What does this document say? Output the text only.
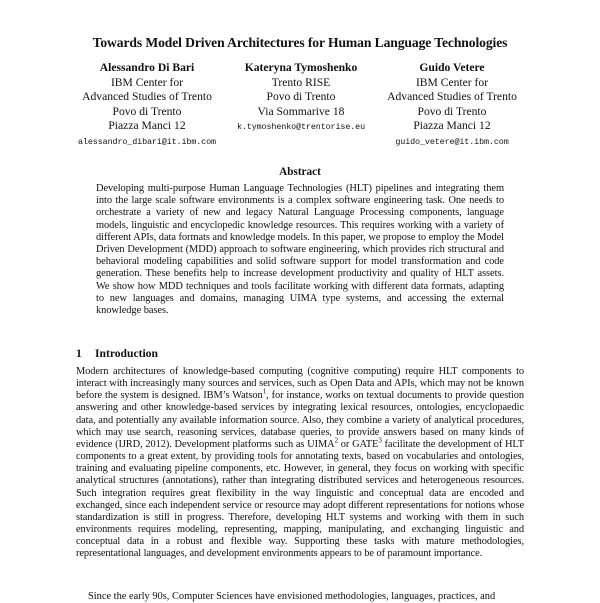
Towards Model Driven Architectures for Human Language Technologies
Alessandro Di Bari
IBM Center for
Advanced Studies of Trento
Povo di Trento
Piazza Manci 12
alessandro_dibari@it.ibm.com
Kateryna Tymoshenko
Trento RISE
Povo di Trento
Via Sommarive 18
k.tymoshenko@trentorise.eu
Guido Vetere
IBM Center for
Advanced Studies of Trento
Povo di Trento
Piazza Manci 12
guido_vetere@it.ibm.com
Abstract
Developing multi-purpose Human Language Technologies (HLT) pipelines and integrating them into the large scale software environments is a complex software engineering task. One needs to orchestrate a variety of new and legacy Natural Language Processing components, language models, linguistic and encyclopedic knowledge resources. This requires working with a variety of different APIs, data formats and knowledge models. In this paper, we propose to employ the Model Driven Development (MDD) approach to software engineering, which provides rich structural and behavioral modeling capabilities and solid software support for model transformation and code generation. These benefits help to increase development productivity and quality of HLT assets. We show how MDD techniques and tools facilitate working with different data formats, adapting to new languages and domains, managing UIMA type systems, and accessing the external knowledge bases.
1 Introduction
Modern architectures of knowledge-based computing (cognitive computing) require HLT components to interact with increasingly many sources and services, such as Open Data and APIs, which may not be known before the system is designed. IBM’s Watson$^1$, for instance, works on textual documents to provide question answering and other knowledge-based services by integrating lexical resources, ontologies, encyclopaedic data, and potentially any available information source. Also, they combine a variety of analytical procedures, which may use search, reasoning services, database queries, to provide answers based on many kinds of evidence (IJRD, 2012). Development platforms such as UIMA$^2$ or GATE$^3$ facilitate the development of HLT components to a great extent, by providing tools for annotating texts, based on vocabularies and ontologies, training and evaluating pipeline components, etc. However, in general, they focus on working with specific analytical structures (annotations), rather than integrating distributed services and heterogeneous resources. Such integration requires great flexibility in the way linguistic and conceptual data are encoded and exchanged, since each independent service or resource may adopt different representations for notions whose standardization is still in progress. Therefore, developing HLT systems and working with them in such environments requires modeling, representing, mapping, manipulating, and exchanging linguistic and conceptual data in a robust and flexible way. Supporting these tasks with mature methodologies, representational languages, and development environments appears to be of paramount importance.
Since the early 90s, Computer Sciences have envisioned methodologies, languages, practices, and
